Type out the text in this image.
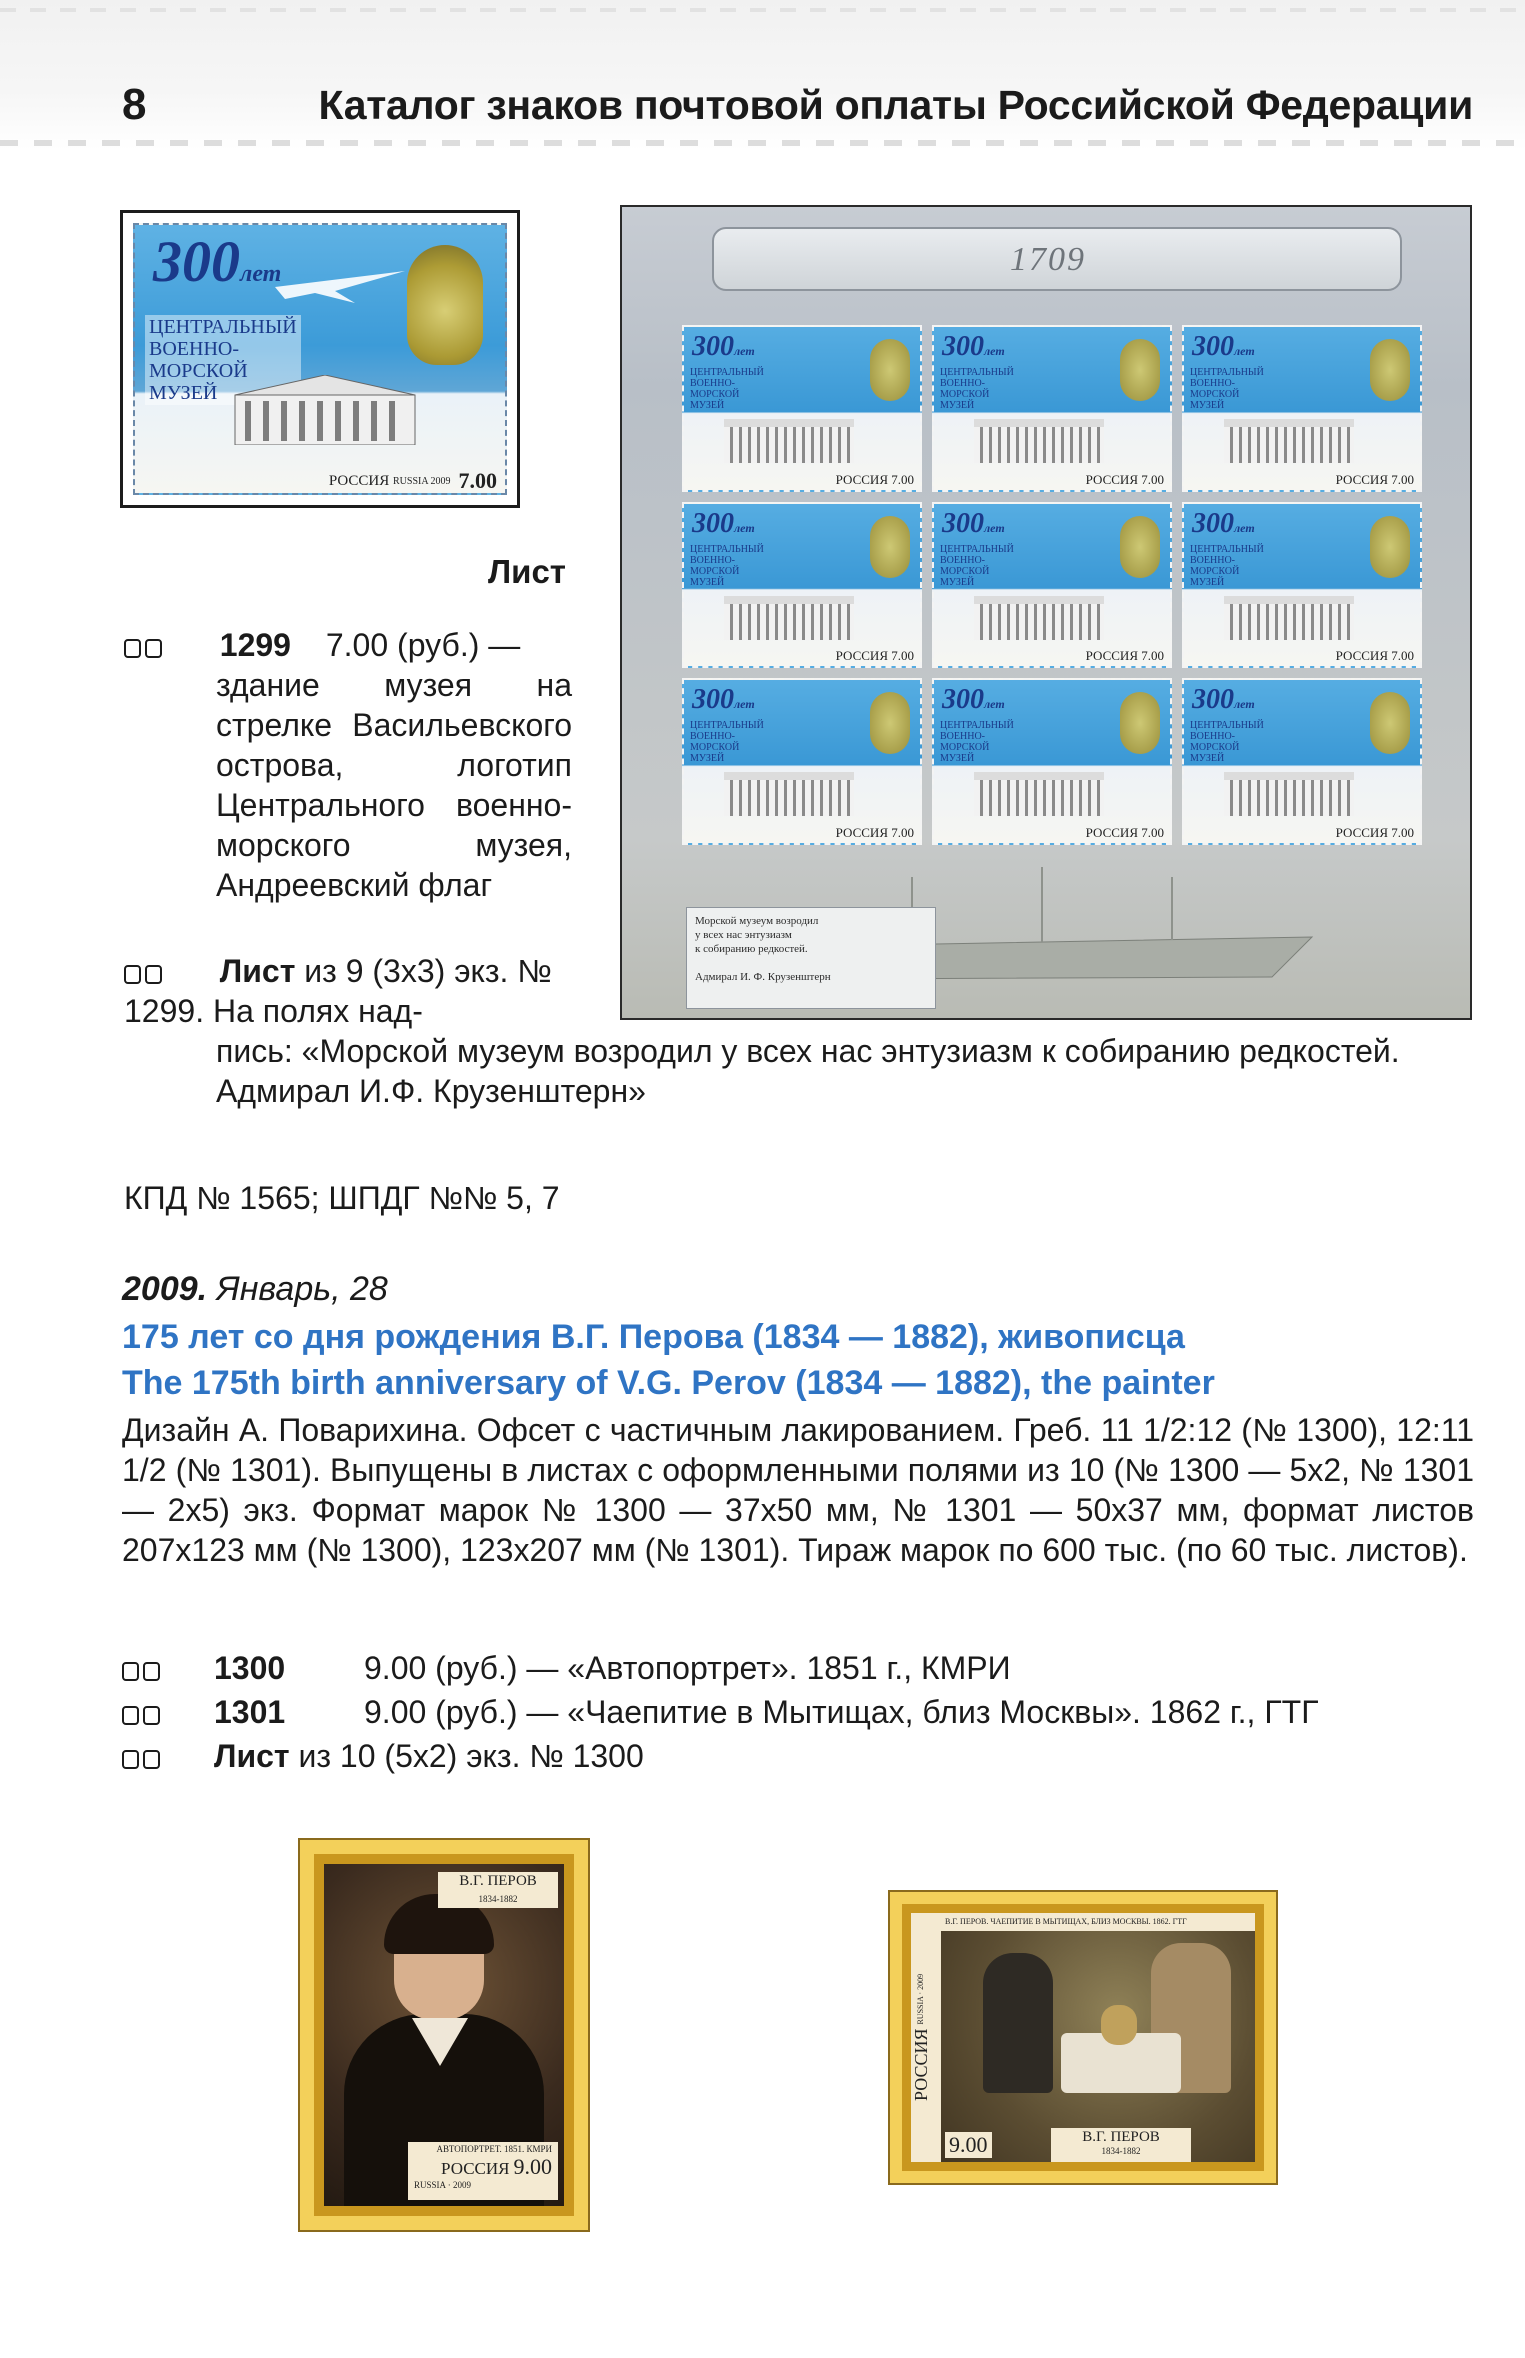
8	Каталог знаков почтовой оплаты Российской Федерации
300лет
ЦЕНТРАЛЬНЫЙ
ВОЕННО-
МОРСКОЙ
МУЗЕЙ
РОССИЯ
RUSSIA 2009 7.00
1709
300лет
ЦЕНТРАЛЬНЫЙ
ВОЕННО-
МОРСКОЙ
МУЗЕЙ
РОССИЯ 7.00
300лет
ЦЕНТРАЛЬНЫЙ
ВОЕННО-
МОРСКОЙ
МУЗЕЙ
РОССИЯ 7.00
300лет
ЦЕНТРАЛЬНЫЙ
ВОЕННО-
МОРСКОЙ
МУЗЕЙ
РОССИЯ 7.00
300лет
ЦЕНТРАЛЬНЫЙ
ВОЕННО-
МОРСКОЙ
МУЗЕЙ
РОССИЯ 7.00
300лет
ЦЕНТРАЛЬНЫЙ
ВОЕННО-
МОРСКОЙ
МУЗЕЙ
РОССИЯ 7.00
300лет
ЦЕНТРАЛЬНЫЙ
ВОЕННО-
МОРСКОЙ
МУЗЕЙ
РОССИЯ 7.00
300лет
ЦЕНТРАЛЬНЫЙ
ВОЕННО-
МОРСКОЙ
МУЗЕЙ
РОССИЯ 7.00
300лет
ЦЕНТРАЛЬНЫЙ
ВОЕННО-
МОРСКОЙ
МУЗЕЙ
РОССИЯ 7.00
300лет
ЦЕНТРАЛЬНЫЙ
ВОЕННО-
МОРСКОЙ
МУЗЕЙ
РОССИЯ 7.00
Морской музеум возродил
у всех нас энтузиазм
к собиранию редкостей.
Адмирал И. Ф. Крузенштерн
Лист
1299 7.00 (руб.) —
здание музея на стрелке Васильевского острова, логотип Центрального военно-морского музея, Андреевский флаг
Лист из 9 (3х3) экз. № 1299. На полях над-
пись: «Морской музеум возродил у всех нас энтузиазм к собиранию редкостей. Адмирал И.Ф. Крузенштерн»
КПД № 1565; ШПДГ №№ 5, 7
2009. Январь, 28
175 лет со дня рождения В.Г. Перова (1834 — 1882), живописца
The 175th birth anniversary of V.G. Perov (1834 — 1882), the painter
Дизайн А. Поварихина. Офсет с частичным лакированием. Греб. 11 1/2:12 (№ 1300), 12:11 1/2 (№ 1301). Выпущены в листах с оформленными полями из 10 (№ 1300 — 5х2, № 1301 — 2х5) экз. Формат марок № 1300 — 37х50 мм, № 1301 — 50х37 мм, формат листов 207х123 мм (№ 1300), 123х207 мм (№ 1301). Тираж марок по 600 тыс. (по 60 тыс. листов).
1300 9.00 (руб.) — «Автопортрет». 1851 г., КМРИ
1301 9.00 (руб.) — «Чаепитие в Мытищах, близ Москвы». 1862 г., ГТГ
Лист из 10 (5х2) экз. № 1300
В.Г. ПЕРОВ
1834-1882
АВТОПОРТРЕТ. 1851. КМРИ
РОССИЯ 9.00
RUSSIA · 2009
РОССИЯ RUSSIA · 2009
В.Г. ПЕРОВ. ЧАЕПИТИЕ В МЫТИЩАХ, БЛИЗ МОСКВЫ. 1862. ГТГ
9.00	В.Г. ПЕРОВ
1834-1882
